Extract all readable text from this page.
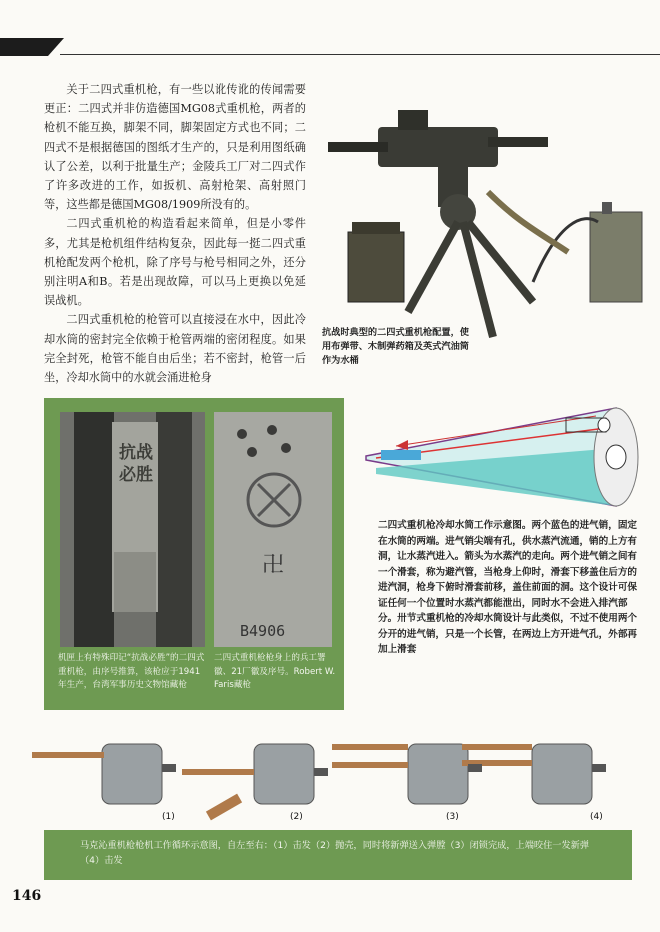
关于二四式重机枪，有一些以讹传讹的传闻需要更正：二四式并非仿造德国MG08式重机枪，两者的枪机不能互换，脚架不同，脚架固定方式也不同；二四式不是根据德国的图纸才生产的，只是利用图纸确认了公差，以利于批量生产；金陵兵工厂对二四式作了许多改进的工作，如扳机、高射枪架、高射照门等，这些都是德国MG08/1909所没有的。

二四式重机枪的构造看起来简单，但是小零件多，尤其是枪机组件结构复杂，因此每一挺二四式重机枪配发两个枪机，除了序号与枪号相同之外，还分别注明A和B。若是出现故障，可以马上更换以免延误战机。

二四式重机枪的枪管可以直接浸在水中，因此冷却水筒的密封完全依赖于枪管两端的密闭程度。如果完全封死，枪管不能自由后坐；若不密封，枪管一后坐，冷却水筒中的水就会涌进枪身

抗战时典型的二四式重机枪配置，使用布弹带、木制弹药箱及英式汽油筒作为水桶
抗战必胜
卍
B4906
机匣上有特殊印记“抗战必胜”的二四式重机枪，由序号推算，该枪应于1941年生产，台湾军事历史文物馆藏枪
二四式重机枪枪身上的兵工署徽、21厂徽及序号。Robert W. Faris藏枪
二四式重机枪冷却水筒工作示意图。两个蓝色的进气销，固定在水筒的两端。进气销尖端有孔，供水蒸汽流通，销的上方有洞，让水蒸汽进入。箭头为水蒸汽的走向。两个进气销之间有一个滑套，称为避汽管，当枪身上仰时，滑套下移盖住后方的进汽洞，枪身下俯时滑套前移，盖住前面的洞。这个设计可保证任何一个位置时水蒸汽都能泄出，同时水不会进入排汽部分。卅节式重机枪的冷却水筒设计与此类似，不过不使用两个分开的进气销，只是一个长管，在两边上方开进气孔，外部再加上滑套
(1)	(2)	(3)	(4)
马克沁重机枪枪机工作循环示意图，自左至右：（1）击发（2）抛壳，同时将新弹送入弹膛（3）闭锁完成，上端咬住一发新弹（4）击发
146
